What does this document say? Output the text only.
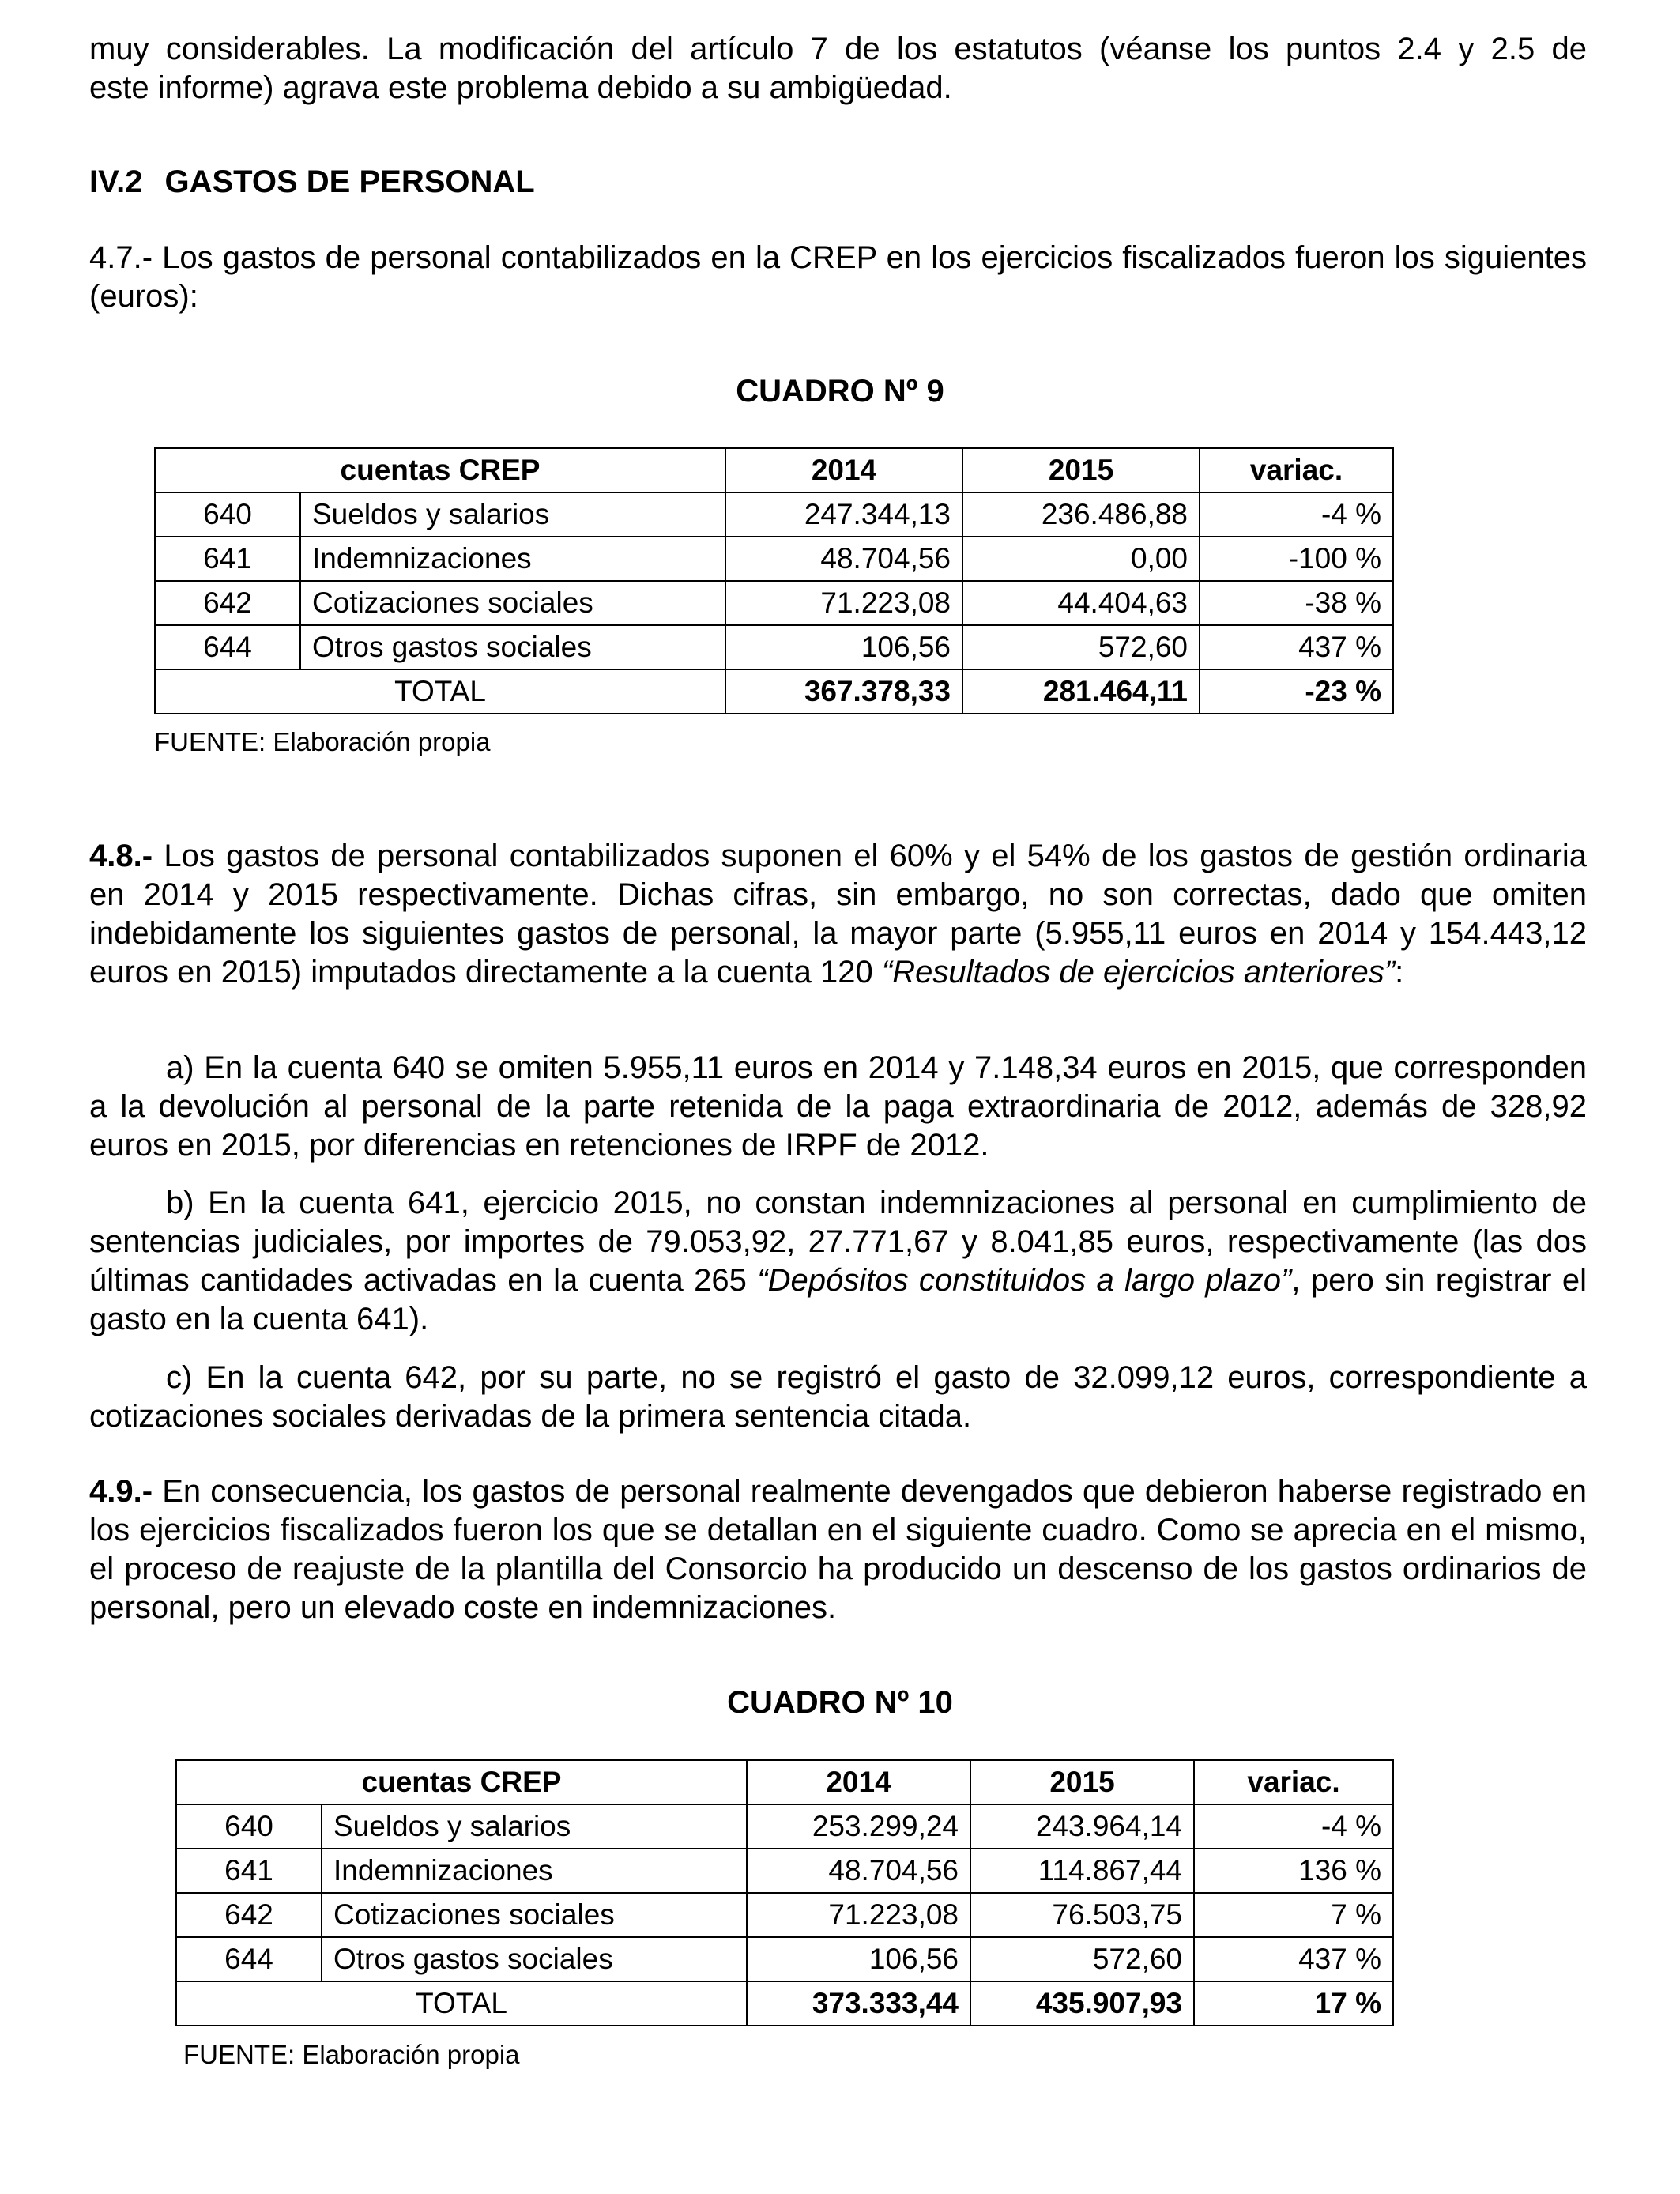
muy considerables. La modificación del artículo 7 de los estatutos (véanse los puntos 2.4 y 2.5 de
este informe) agrava este problema debido a su ambigüedad.
IV.2 GASTOS DE PERSONAL

4.7.- Los gastos de personal contabilizados en la CREP en los ejercicios fiscalizados fueron los siguientes (euros):

CUADRO Nº 9
cuentas CREP		2014	2015	variac.
640	Sueldos y salarios	247.344,13	236.486,88	-4 %
641	Indemnizaciones	48.704,56	0,00	-100 %
642	Cotizaciones sociales	71.223,08	44.404,63	-38 %
644	Otros gastos sociales	106,56	572,60	437 %
TOTAL		367.378,33	281.464,11	-23 %
FUENTE: Elaboración propia

4.8.- Los gastos de personal contabilizados suponen el 60% y el 54% de los gastos de gestión ordinaria en 2014 y 2015 respectivamente. Dichas cifras, sin embargo, no son correctas, dado que omiten indebidamente los siguientes gastos de personal, la mayor parte (5.955,11 euros en 2014 y 154.443,12 euros en 2015) imputados directamente a la cuenta 120 “Resultados de ejercicios anteriores”:

a) En la cuenta 640 se omiten 5.955,11 euros en 2014 y 7.148,34 euros en 2015, que corresponden a la devolución al personal de la parte retenida de la paga extraordinaria de 2012, además de 328,92 euros en 2015, por diferencias en retenciones de IRPF de 2012.

b) En la cuenta 641, ejercicio 2015, no constan indemnizaciones al personal en cumplimiento de sentencias judiciales, por importes de 79.053,92, 27.771,67 y 8.041,85 euros, respectivamente (las dos últimas cantidades activadas en la cuenta 265 “Depósitos constituidos a largo plazo”, pero sin registrar el gasto en la cuenta 641).

c) En la cuenta 642, por su parte, no se registró el gasto de 32.099,12 euros, correspondiente a cotizaciones sociales derivadas de la primera sentencia citada.

4.9.- En consecuencia, los gastos de personal realmente devengados que debieron haberse registrado en los ejercicios fiscalizados fueron los que se detallan en el siguiente cuadro. Como se aprecia en el mismo, el proceso de reajuste de la plantilla del Consorcio ha producido un descenso de los gastos ordinarios de personal, pero un elevado coste en indemnizaciones.

CUADRO Nº 10
cuentas CREP		2014	2015	variac.
640	Sueldos y salarios	253.299,24	243.964,14	-4 %
641	Indemnizaciones	48.704,56	114.867,44	136 %
642	Cotizaciones sociales	71.223,08	76.503,75	7 %
644	Otros gastos sociales	106,56	572,60	437 %
TOTAL		373.333,44	435.907,93	17 %
FUENTE: Elaboración propia
